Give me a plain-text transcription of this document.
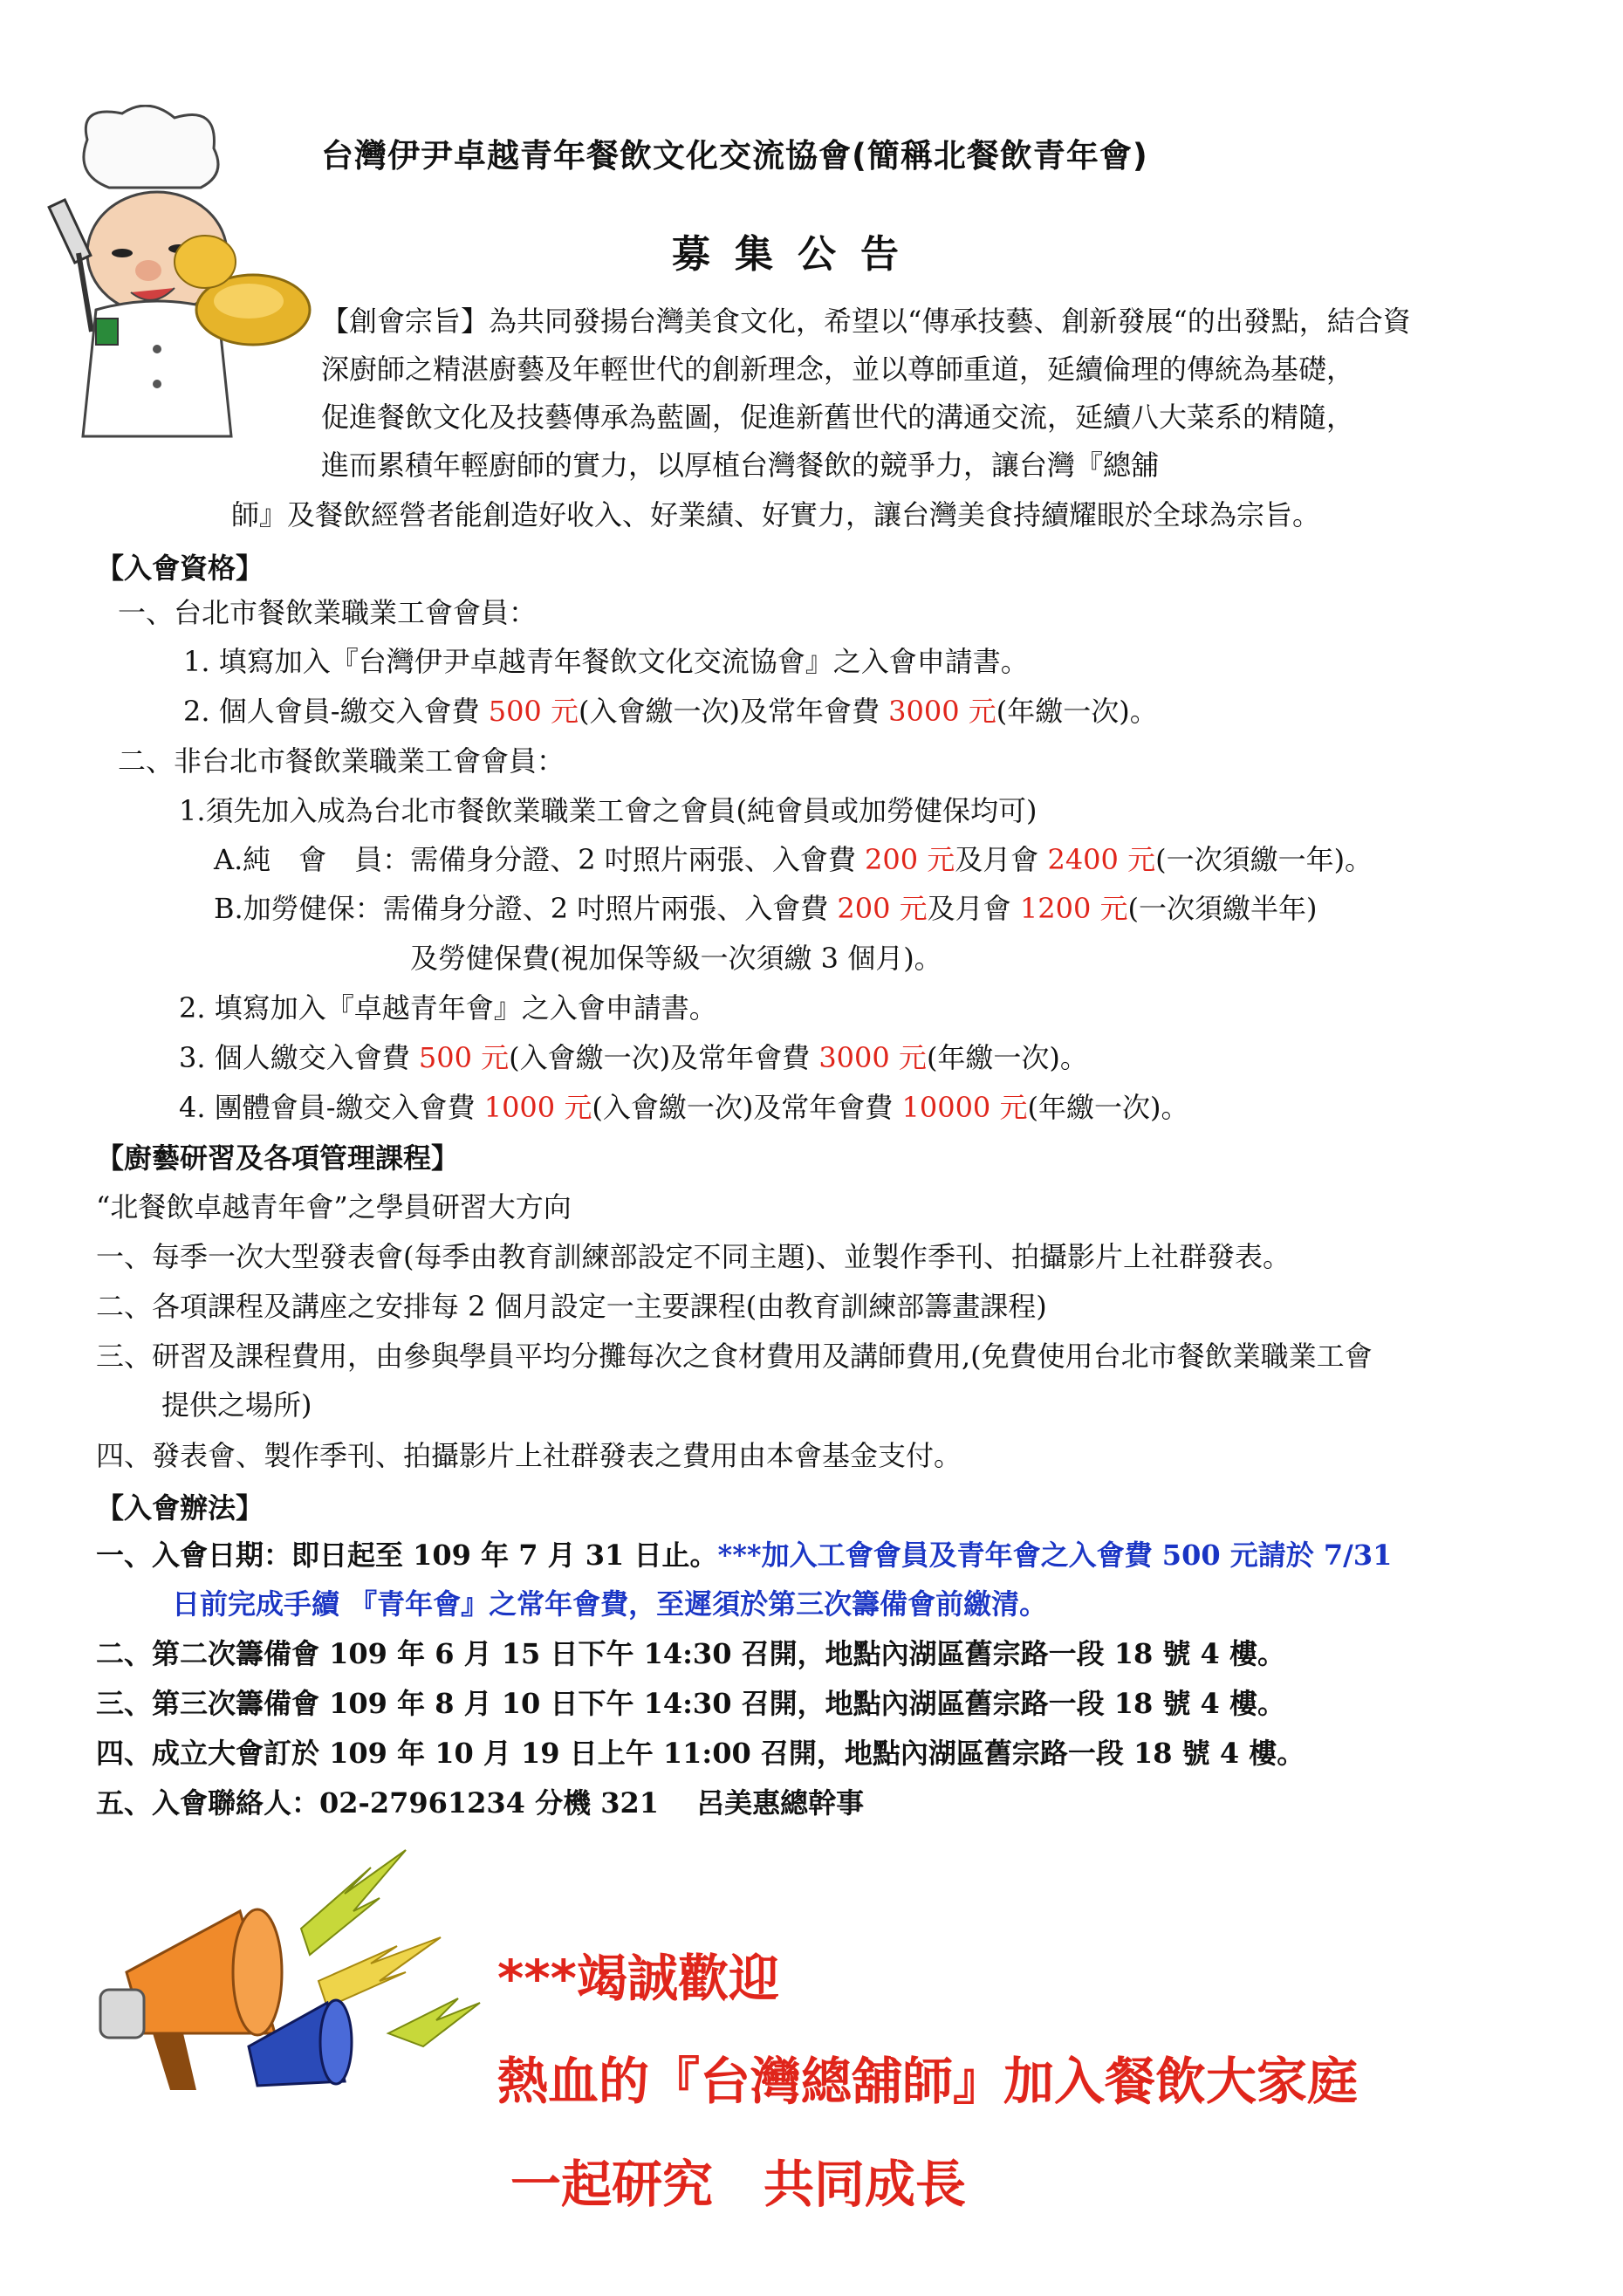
台灣伊尹卓越青年餐飲文化交流協會(簡稱北餐飲青年會)
募集公告
【創會宗旨】為共同發揚台灣美食文化，希望以“傳承技藝、創新發展“的出發點，結合資
深廚師之精湛廚藝及年輕世代的創新理念，並以尊師重道，延續倫理的傳統為基礎，
促進餐飲文化及技藝傳承為藍圖，促進新舊世代的溝通交流，延續八大菜系的精隨，
進而累積年輕廚師的實力，以厚植台灣餐飲的競爭力，讓台灣『總舖
師』及餐飲經營者能創造好收入、好業績、好實力，讓台灣美食持續耀眼於全球為宗旨。
【入會資格】
一、台北市餐飲業職業工會會員：
1. 填寫加入『台灣伊尹卓越青年餐飲文化交流協會』之入會申請書。
2. 個人會員-繳交入會費 500 元(入會繳一次)及常年會費 3000 元(年繳一次)。
二、非台北市餐飲業職業工會會員：
1.須先加入成為台北市餐飲業職業工會之會員(純會員或加勞健保均可)
A.純　會　員：需備身分證、2 吋照片兩張、入會費 200 元及月會 2400 元(一次須繳一年)。
B.加勞健保：需備身分證、2 吋照片兩張、入會費 200 元及月會 1200 元(一次須繳半年)
及勞健保費(視加保等級一次須繳 3 個月)。
2. 填寫加入『卓越青年會』之入會申請書。
3. 個人繳交入會費 500 元(入會繳一次)及常年會費 3000 元(年繳一次)。
4. 團體會員-繳交入會費 1000 元(入會繳一次)及常年會費 10000 元(年繳一次)。
【廚藝研習及各項管理課程】
“北餐飲卓越青年會”之學員研習大方向
一、每季一次大型發表會(每季由教育訓練部設定不同主題)、並製作季刊、拍攝影片上社群發表。
二、各項課程及講座之安排每 2 個月設定一主要課程(由教育訓練部籌畫課程)
三、研習及課程費用，由參與學員平均分攤每次之食材費用及講師費用,(免費使用台北市餐飲業職業工會
提供之場所)
四、發表會、製作季刊、拍攝影片上社群發表之費用由本會基金支付。
【入會辦法】
一、入會日期：即日起至 109 年 7 月 31 日止。***加入工會會員及青年會之入會費 500 元請於 7/31
日前完成手續 『青年會』之常年會費，至遲須於第三次籌備會前繳清。
二、第二次籌備會 109 年 6 月 15 日下午 14:30 召開，地點內湖區舊宗路一段 18 號 4 樓。
三、第三次籌備會 109 年 8 月 10 日下午 14:30 召開，地點內湖區舊宗路一段 18 號 4 樓。
四、成立大會訂於 109 年 10 月 19 日上午 11:00 召開，地點內湖區舊宗路一段 18 號 4 樓。
五、入會聯絡人：02-27961234 分機 321　 呂美惠總幹事
***竭誠歡迎
熱血的『台灣總舖師』加入餐飲大家庭
一起研究　共同成長
